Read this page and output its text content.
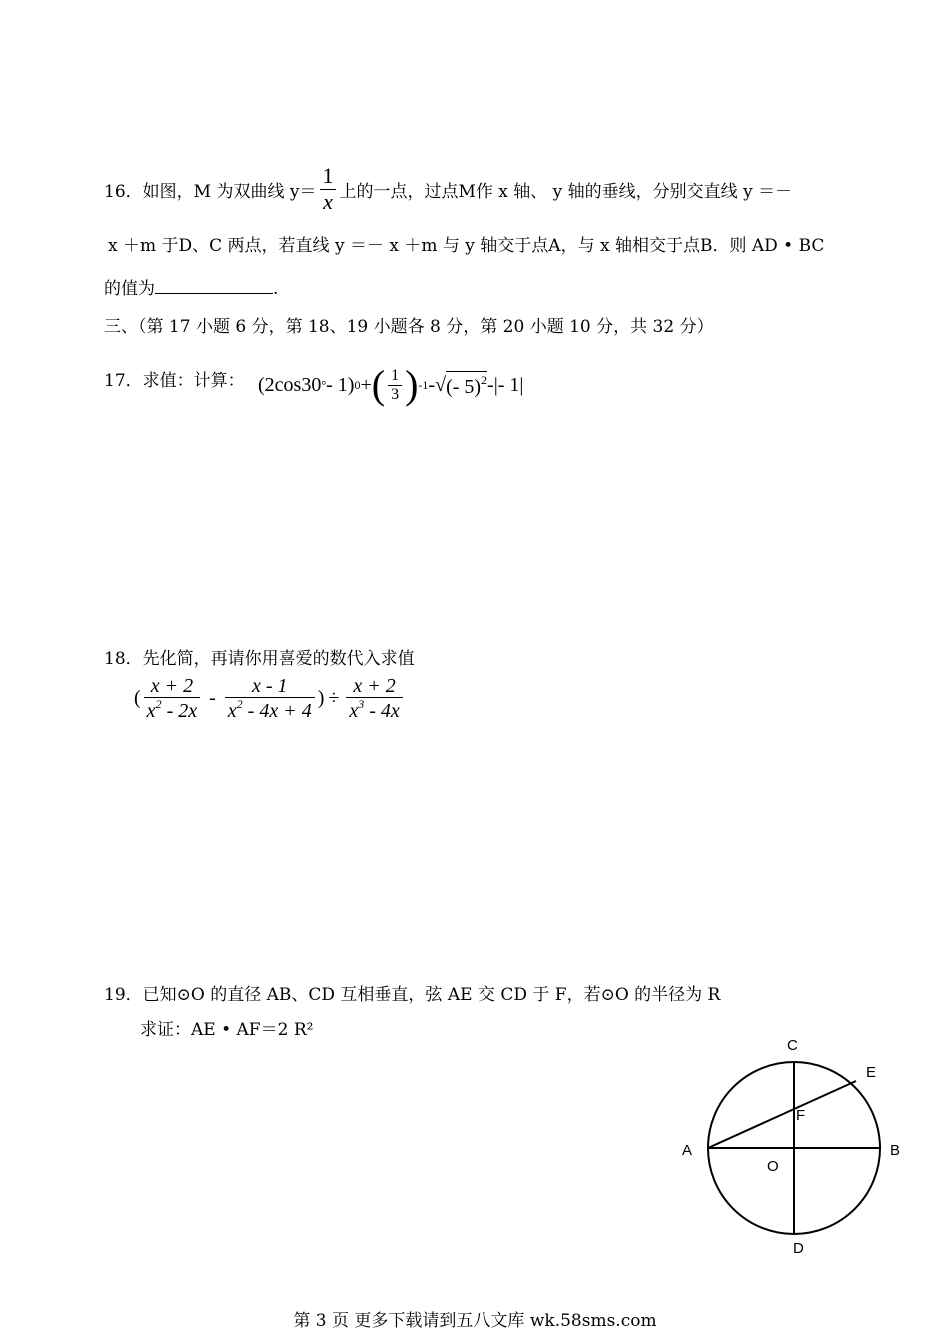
16．如图，M 为双曲线 $y= \frac{1}{x}$ 上的一点，过点M作 x 轴、 y 轴的垂线，分别交直线 y ＝－
x ＋m 于D、C 两点，若直线 y ＝－ x ＋m 与 y 轴交于点A，与 x 轴相交于点B．则 AD • BC
的值为	.
三、（第 17 小题 6 分，第 18、19 小题各 8 分，第 20 小题 10 分，共 32 分）
17．求值：计算： (2cos30 ° - 1) 0 + ( $\frac{1}{3}$ ) -1 - √ (- 5)$^2$ - | - 1 |
18．先化简，再请你用喜爱的数代入求值
( $\frac{x + 2}{x^2 - 2x} - \frac{x - 1}{x^2 - 4x + 4}$ ) ÷ $\frac{x + 2}{x^3 - 4x}$
19．已知⊙O 的直径 AB、CD 互相垂直，弦 AE 交 CD 于 F，若⊙O 的半径为 R
求证：AE • AF＝2 R²
A	B
C
D
E
F
O
第 3 页 更多下载请到五八文库 wk.58sms.com
